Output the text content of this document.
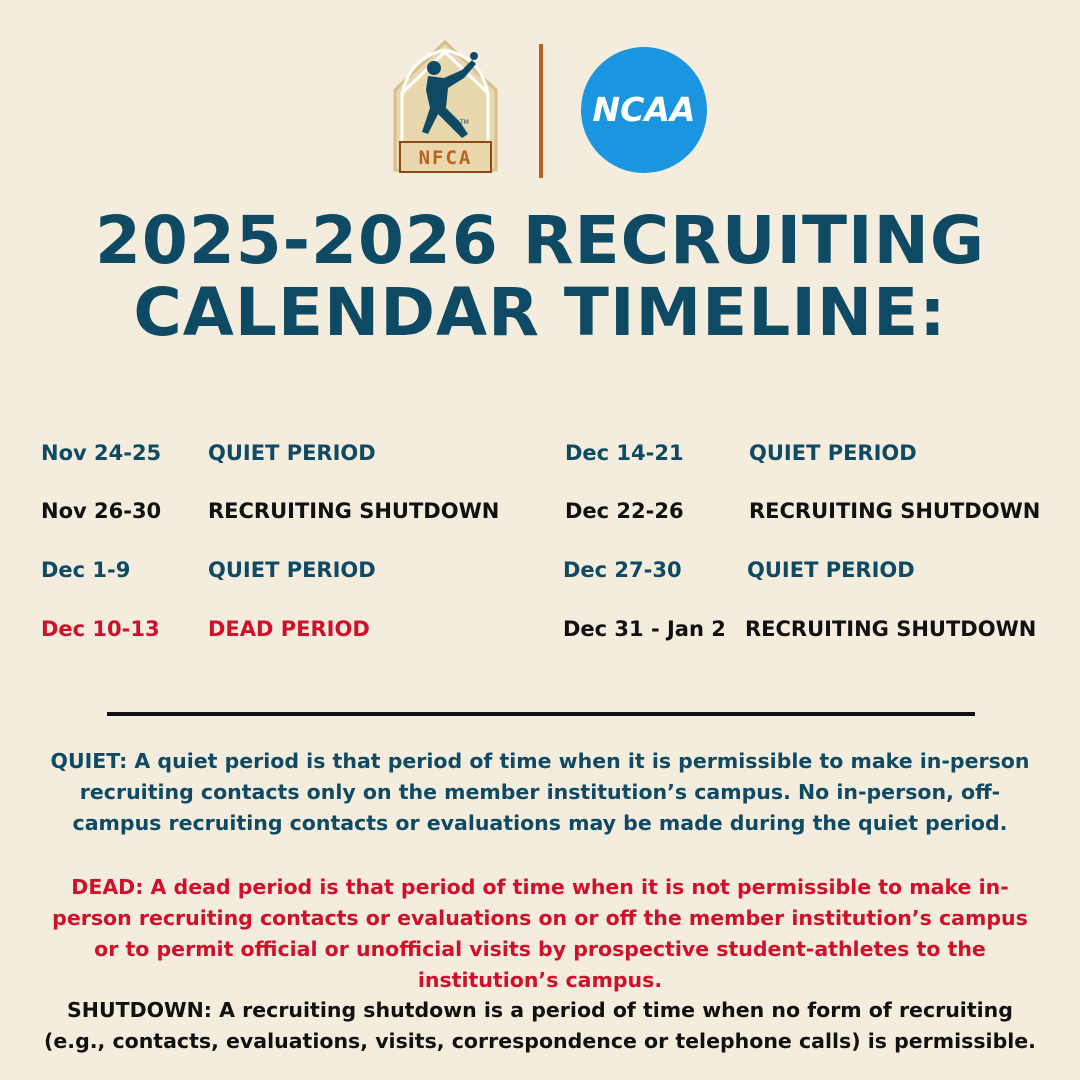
TM
NFCA
NCAA
2025-2026 RECRUITING
CALENDAR TIMELINE:
Nov 24-25 QUIET PERIOD
Nov 26-30 RECRUITING SHUTDOWN
Dec 1-9	QUIET PERIOD
Dec 10-13 DEAD PERIOD
Dec 14-21	QUIET PERIOD
Dec 22-26	RECRUITING SHUTDOWN
Dec 27-30	QUIET PERIOD
Dec 31 - Jan 2 RECRUITING SHUTDOWN
QUIET: A quiet period is that period of time when it is permissible to make in-person recruiting contacts only on the member institution’s campus. No in-person, off-campus recruiting contacts or evaluations may be made during the quiet period.
DEAD: A dead period is that period of time when it is not permissible to make in-person recruiting contacts or evaluations on or off the member institution’s campus or to permit official or unofficial visits by prospective student-athletes to the institution’s campus.
SHUTDOWN: A recruiting shutdown is a period of time when no form of recruiting (e.g., contacts, evaluations, visits, correspondence or telephone calls) is permissible.
